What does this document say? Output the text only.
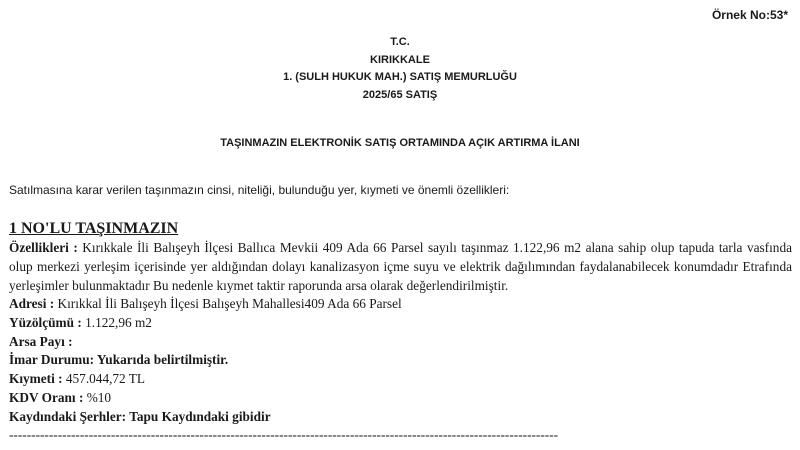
Örnek No:53*
T.C.
KIRIKKALE
1. (SULH HUKUK MAH.) SATIŞ MEMURLUĞU
2025/65 SATIŞ
TAŞINMAZIN ELEKTRONİK SATIŞ ORTAMINDA AÇIK ARTIRMA İLANI
Satılmasına karar verilen taşınmazın cinsi, niteliği, bulunduğu yer, kıymeti ve önemli özellikleri:

1 NO'LU TAŞINMAZIN

Özellikleri : Kırıkkale İli Balışeyh İlçesi Ballıca Mevkii 409 Ada 66 Parsel sayılı taşınmaz 1.122,96 m2 alana sahip olup tapuda tarla vasfında olup merkezi yerleşim içerisinde yer aldığından dolayı kanalizasyon içme suyu ve elektrik dağılımından faydalanabilecek konumdadır Etrafında yerleşimler bulunmaktadır Bu nedenle kıymet taktir raporunda arsa olarak değerlendirilmiştir.

Adresi : Kırıkkal İli Balışeyh İlçesi Balışeyh Mahallesi409 Ada 66 Parsel

Yüzölçümü : 1.122,96 m2

Arsa Payı :

İmar Durumu: Yukarıda belirtilmiştir.

Kıymeti : 457.044,72 TL

KDV Oranı : %10

Kaydındaki Şerhler: Tapu Kaydındaki gibidir

----------------------------------------------------------------------------------------------------------------------------
